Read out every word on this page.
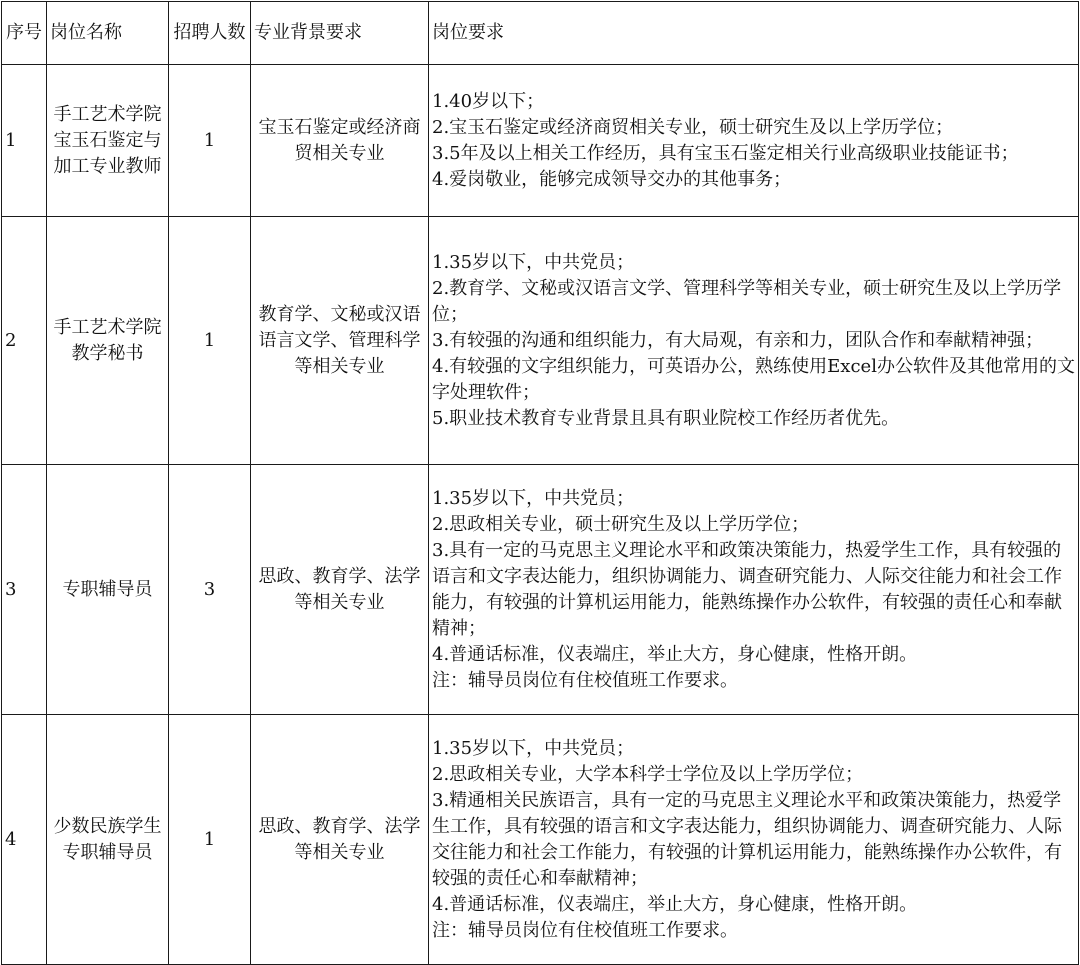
序号	岗位名称	招聘人数	专业背景要求	岗位要求
1	手工艺术学院宝玉石鉴定与加工专业教师	1	宝玉石鉴定或经济商贸相关专业	1.40岁以下；
2.宝玉石鉴定或经济商贸相关专业，硕士研究生及以上学历学位；
3.5年及以上相关工作经历，具有宝玉石鉴定相关行业高级职业技能证书；
4.爱岗敬业，能够完成领导交办的其他事务；

2	手工艺术学院教学秘书	1	教育学、文秘或汉语语言文学、管理科学等相关专业	1.35岁以下，中共党员；
2.教育学、文秘或汉语言文学、管理科学等相关专业，硕士研究生及以上学历学位；
3.有较强的沟通和组织能力，有大局观，有亲和力，团队合作和奉献精神强；
4.有较强的文字组织能力，可英语办公，熟练使用Excel办公软件及其他常用的文字处理软件；
5.职业技术教育专业背景且具有职业院校工作经历者优先。

3	专职辅导员	3	思政、教育学、法学等相关专业	1.35岁以下，中共党员；
2.思政相关专业，硕士研究生及以上学历学位；
3.具有一定的马克思主义理论水平和政策决策能力，热爱学生工作，具有较强的语言和文字表达能力，组织协调能力、调查研究能力、人际交往能力和社会工作能力，有较强的计算机运用能力，能熟练操作办公软件，有较强的责任心和奉献精神；
4.普通话标准，仪表端庄，举止大方，身心健康，性格开朗。
注：辅导员岗位有住校值班工作要求。

4	少数民族学生专职辅导员	1	思政、教育学、法学等相关专业	1.35岁以下，中共党员；
2.思政相关专业，大学本科学士学位及以上学历学位；
3.精通相关民族语言，具有一定的马克思主义理论水平和政策决策能力，热爱学生工作，具有较强的语言和文字表达能力，组织协调能力、调查研究能力、人际交往能力和社会工作能力，有较强的计算机运用能力，能熟练操作办公软件，有较强的责任心和奉献精神；
4.普通话标准，仪表端庄，举止大方，身心健康，性格开朗。
注：辅导员岗位有住校值班工作要求。
